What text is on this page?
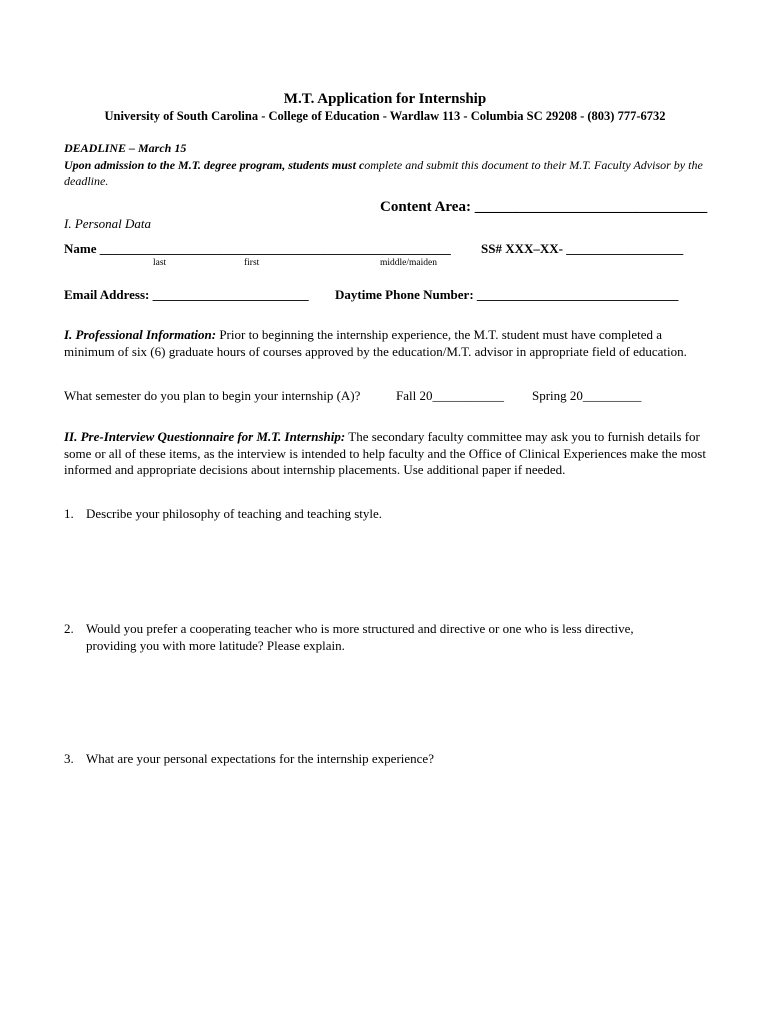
M.T. Application for Internship
University of South Carolina - College of Education - Wardlaw 113 - Columbia SC 29208 - (803) 777-6732
DEADLINE – March 15
Upon admission to the M.T. degree program, students must complete and submit this document to their M.T. Faculty Advisor by the deadline.
Content Area: _______________________________
I. Personal Data
Name ______________________________________________________ SS# XXX–XX- __________________
last	first	middle/maiden
Email Address: ________________________ Daytime Phone Number: _______________________________
I. Professional Information: Prior to beginning the internship experience, the M.T. student must have completed a minimum of six (6) graduate hours of courses approved by the education/M.T. advisor in appropriate field of education.
What semester do you plan to begin your internship (A)?	Fall 20___________ Spring 20_________
II. Pre-Interview Questionnaire for M.T. Internship: The secondary faculty committee may ask you to furnish details for some or all of these items, as the interview is intended to help faculty and the Office of Clinical Experiences make the most informed and appropriate decisions about internship placements. Use additional paper if needed.
1. Describe your philosophy of teaching and teaching style.
2. Would you prefer a cooperating teacher who is more structured and directive or one who is less directive,
providing you with more latitude? Please explain.
3. What are your personal expectations for the internship experience?
